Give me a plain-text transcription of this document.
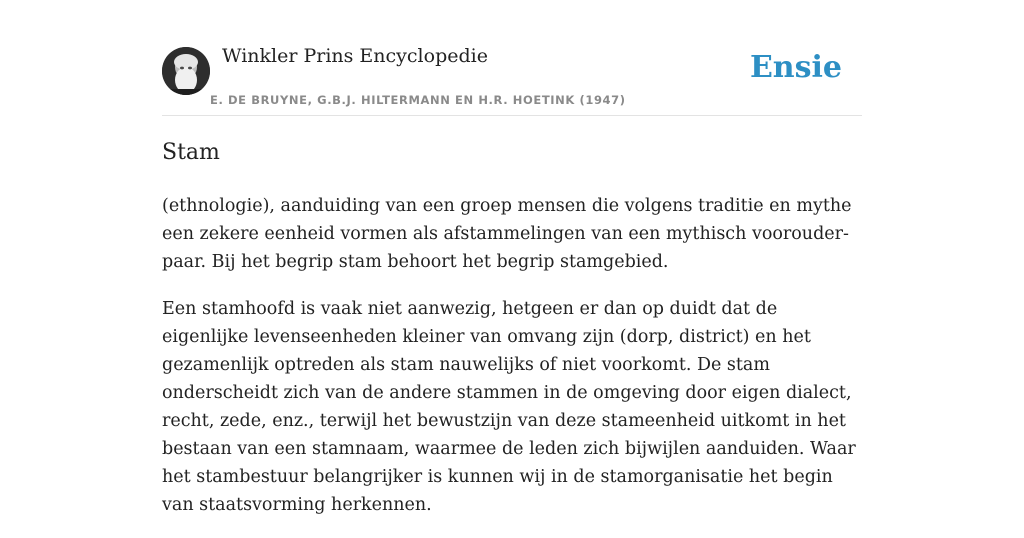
Winkler Prins Encyclopedie
E. DE BRUYNE, G.B.J. HILTERMANN EN H.R. HOETINK (1947)
Ensie
Stam

(ethnologie), aanduiding van een groep mensen die volgens traditie en mythe een zekere eenheid vormen als afstammelingen van een mythisch voorouder-paar. Bij het begrip stam behoort het begrip stamgebied.

Een stamhoofd is vaak niet aanwezig, hetgeen er dan op duidt dat de eigenlijke levenseenheden kleiner van omvang zijn (dorp, district) en het gezamenlijk optreden als stam nauwelijks of niet voorkomt. De stam onderscheidt zich van de andere stammen in de omgeving door eigen dialect, recht, zede, enz., terwijl het bewustzijn van deze stameenheid uitkomt in het bestaan van een stamnaam, waarmee de leden zich bijwijlen aanduiden. Waar het stambestuur belangrijker is kunnen wij in de stamorganisatie het begin van staatsvorming herkennen.
